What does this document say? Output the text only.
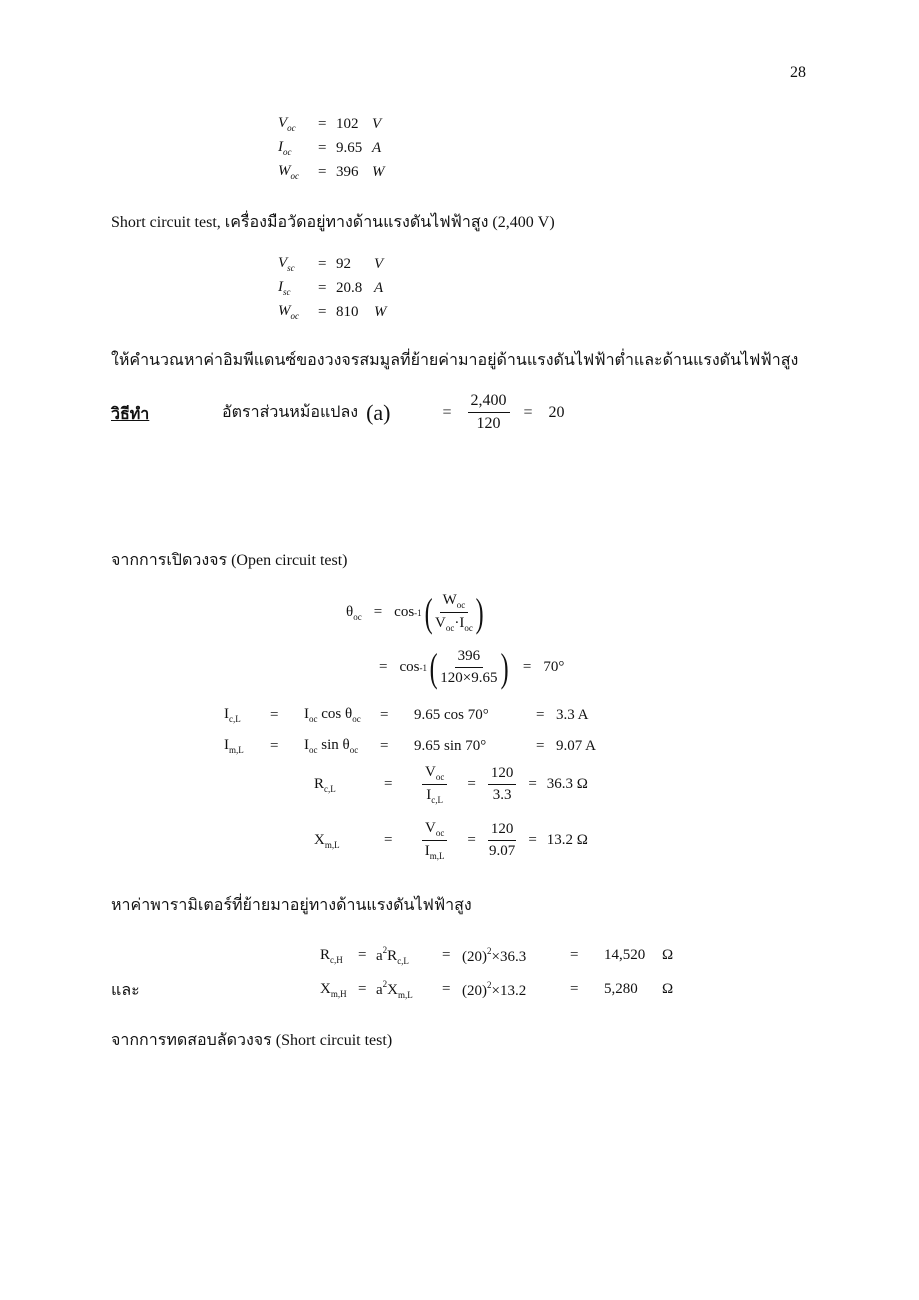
28
$V_{oc}$	= 102 V
$I_{oc}$	= 9.65 A
$W_{oc}$	= 396 W
Short circuit test, เครื่องมือวัดอยู่ทางด้านแรงดันไฟฟ้าสูง (2,400 V)
$V_{sc}$	= 92	V
$I_{sc}$	= 20.8 A
$W_{oc}$	= 810	W
ให้คำนวณหาค่าอิมพีแดนซ์ของวงจรสมมูลที่ย้ายค่ามาอยู่ด้านแรงดันไฟฟ้าต่ำและด้านแรงดันไฟฟ้าสูง
วิธีทำ	อัตราส่วนหม้อแปลง (a)	= $\frac{2,400}{120} = 20$
จากการเปิดวงจร (Open circuit test)
$\theta_{oc} = \cos -1$ ( $\frac{W_{oc}}{V_{oc}\cdot I_{oc}}$ )
= cos -1 ( $\frac{396}{120\times 9.65}$ ) = 70°
$I_{c,L}$	=	$I_{oc}$ $\cos \theta_{oc}$	=	9.65 cos 70°	= 3.3 A
$I_{m,L}$	=	$I_{oc}$ $\sin \theta_{oc}$	=	9.65 sin 70°	= 9.07 A
$R_{c,L}$	=	$\frac{V_{oc}}{I_{c,L}} = \frac{120}{3.3} = 36.3$ Ω
$X_{m,L}$	=	$\frac{V_{oc}}{I_{m,L}} = \frac{120}{9.07} = 13.2$ Ω
หาค่าพารามิเตอร์ที่ย้ายมาอยู่ทางด้านแรงดันไฟฟ้าสูง
$R_{c,H}$	= $a^2R_{c,L}$	= $(20)^2\times 36.3$	=	14,520	Ω
และ	$X_{m,H} = a^2X_{m,L}$	= $(20)^2\times 13.2$	=	5,280	Ω
จากการทดสอบลัดวงจร (Short circuit test)
